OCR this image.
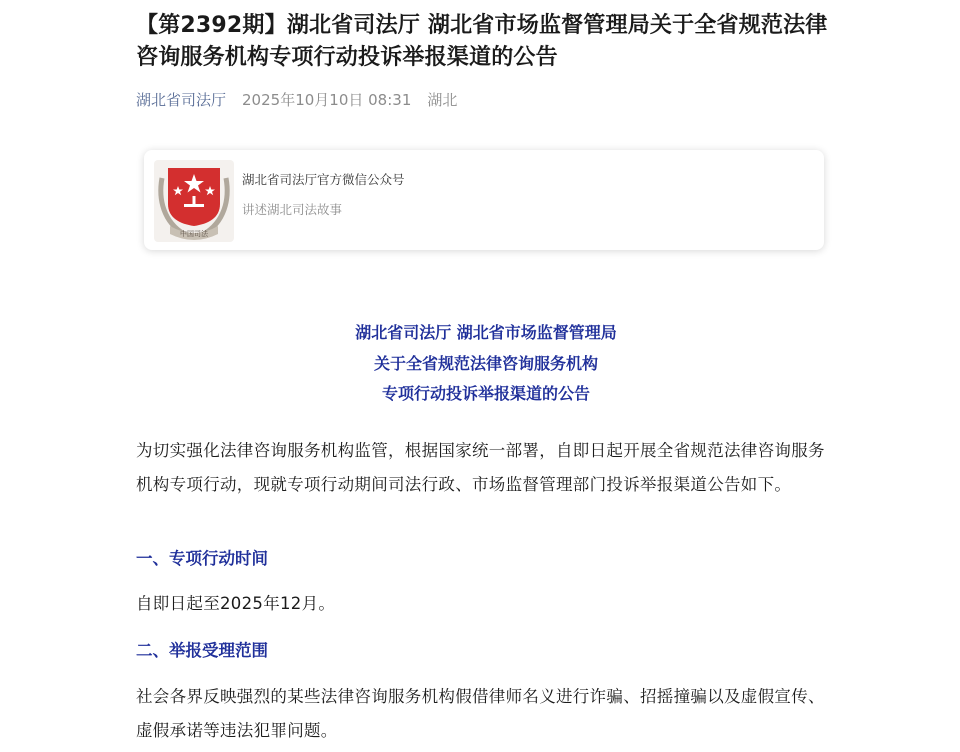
【第2392期】湖北省司法厅 湖北省市场监督管理局关于全省规范法律咨询服务机构专项行动投诉举报渠道的公告
湖北省司法厅 2025年10月10日 08:31 湖北
中国司法
湖北省司法厅官方微信公众号
讲述湖北司法故事
湖北省司法厅 湖北省市场监督管理局
关于全省规范法律咨询服务机构
专项行动投诉举报渠道的公告

为切实强化法律咨询服务机构监管，根据国家统一部署，自即日起开展全省规范法律咨询服务机构专项行动，现就专项行动期间司法行政、市场监督管理部门投诉举报渠道公告如下。

一、专项行动时间

自即日起至2025年12月。

二、举报受理范围

社会各界反映强烈的某些法律咨询服务机构假借律师名义进行诈骗、招摇撞骗以及虚假宣传、虚假承诺等违法犯罪问题。
